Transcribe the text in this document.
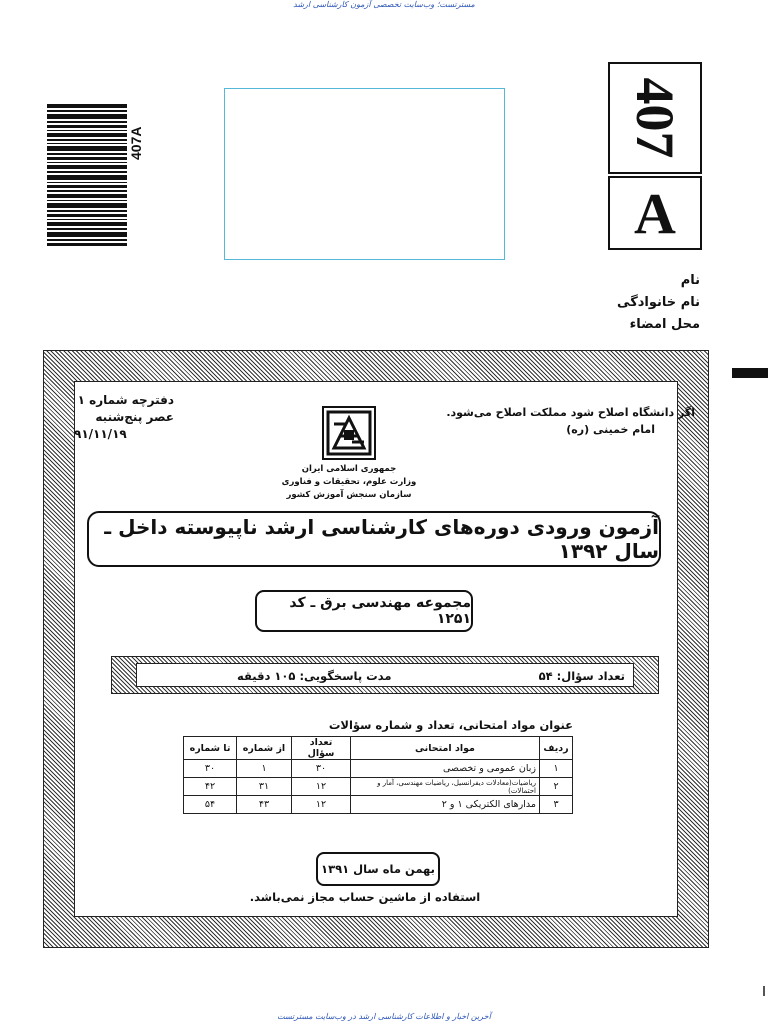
مسترتست؛ وب‌سایت تخصصی آزمون کارشناسی ارشد
407A	407
A
نام
نام خانوادگی
محل امضاء
دفترچه شماره ۱
عصر پنج‌شنبه
۹۱/۱۱/۱۹
اگر دانشگاه اصلاح شود مملکت اصلاح می‌شود.
امام خمینی (ره)
جمهوری اسلامی ایران
وزارت علوم، تحقیقات و فناوری
سازمان سنجش آموزش کشور
آزمون ورودی دوره‌های کارشناسی ارشد ناپیوسته داخل ـ سال ۱۳۹۲
مجموعه مهندسی برق ـ کد ۱۲۵۱
تعداد سؤال: ۵۴
مدت پاسخگویی: ۱۰۵ دقیقه
عنوان مواد امتحانی، تعداد و شماره سؤالات
ردیف	مواد امتحانی	تعداد سؤال	از شماره	تا شماره
۱	زبان عمومی و تخصصی	۳۰	۱	۳۰
۲	ریاضیات(معادلات دیفرانسیل، ریاضیات مهندسی، آمار و احتمالات)	۱۲	۳۱	۴۲
۳	مدارهای الکتریکی ۱ و ۲	۱۲	۴۳	۵۴
بهمن ماه سال ۱۳۹۱
استفاده از ماشین حساب مجاز نمی‌باشد.
آخرین اخبار و اطلاعات کارشناسی ارشد در وب‌سایت مسترتست
